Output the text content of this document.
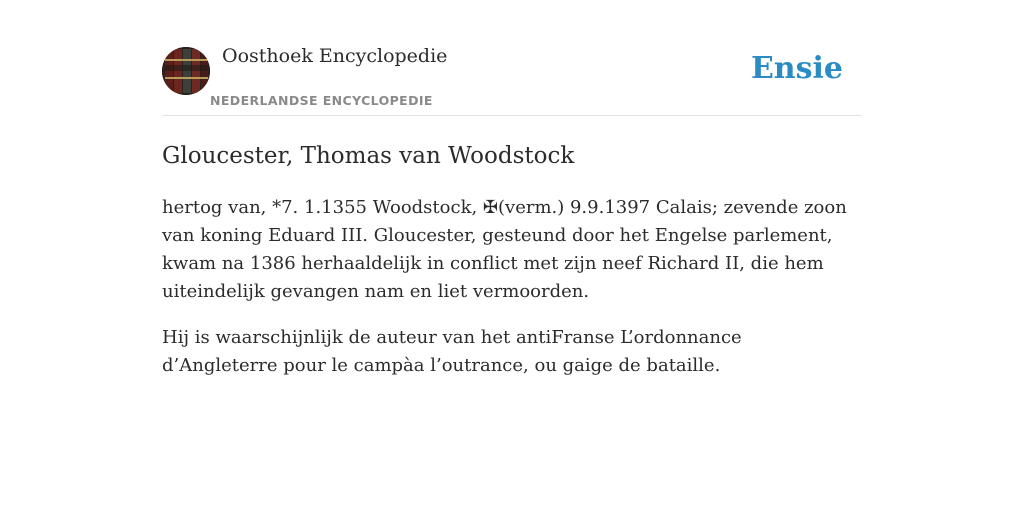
Oosthoek Encyclopedie
NEDERLANDSE ENCYCLOPEDIE
Ensie
Gloucester, Thomas van Woodstock

hertog van, *7. 1.1355 Woodstock, ✠(verm.) 9.9.1397 Calais; zevende zoon van koning Eduard III. Gloucester, gesteund door het Engelse parlement, kwam na 1386 herhaaldelijk in conflict met zijn neef Richard II, die hem uiteindelijk gevangen nam en liet vermoorden.

Hij is waarschijnlijk de auteur van het antiFranse L’ordonnance d’Angleterre pour le campàa l’outrance, ou gaige de bataille.
